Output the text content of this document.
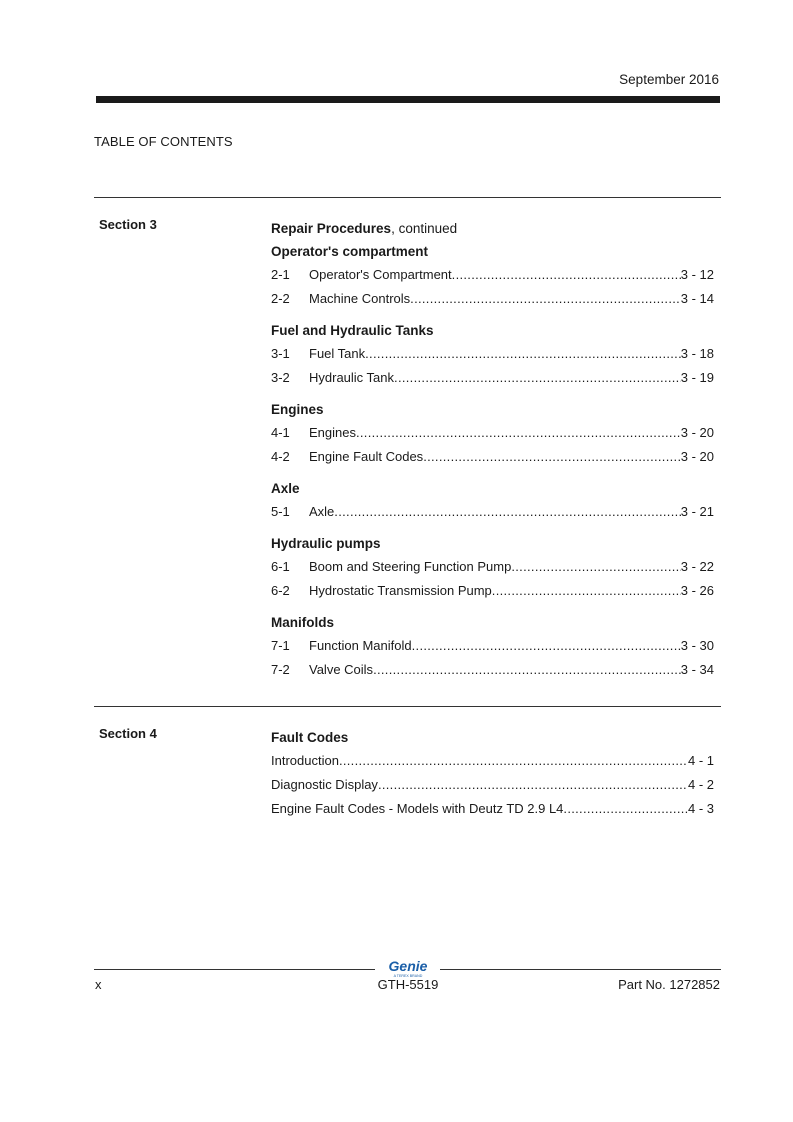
September 2016
TABLE OF CONTENTS
Section 3	Repair Procedures, continued
Operator's compartment
2-1	Operator's Compartment .....	3 - 12
2-2	Machine Controls .....	3 - 14
Fuel and Hydraulic Tanks
3-1	Fuel Tank .....	3 - 18
3-2	Hydraulic Tank .....	3 - 19
Engines
4-1	Engines .....	3 - 20
4-2	Engine Fault Codes .....	3 - 20
Axle
5-1	Axle .....	3 - 21
Hydraulic pumps
6-1	Boom and Steering Function Pump .....	3 - 22
6-2	Hydrostatic Transmission Pump .....	3 - 26
Manifolds
7-1	Function Manifold .....	3 - 30
7-2	Valve Coils .....	3 - 34
Section 4	Fault Codes
Introduction .....	4 - 1
Diagnostic Display .....	4 - 2
Engine Fault Codes - Models with Deutz TD 2.9 L4 .....	4 - 3
Genie
A TEREX BRAND
x	GTH-5519	Part No. 1272852
